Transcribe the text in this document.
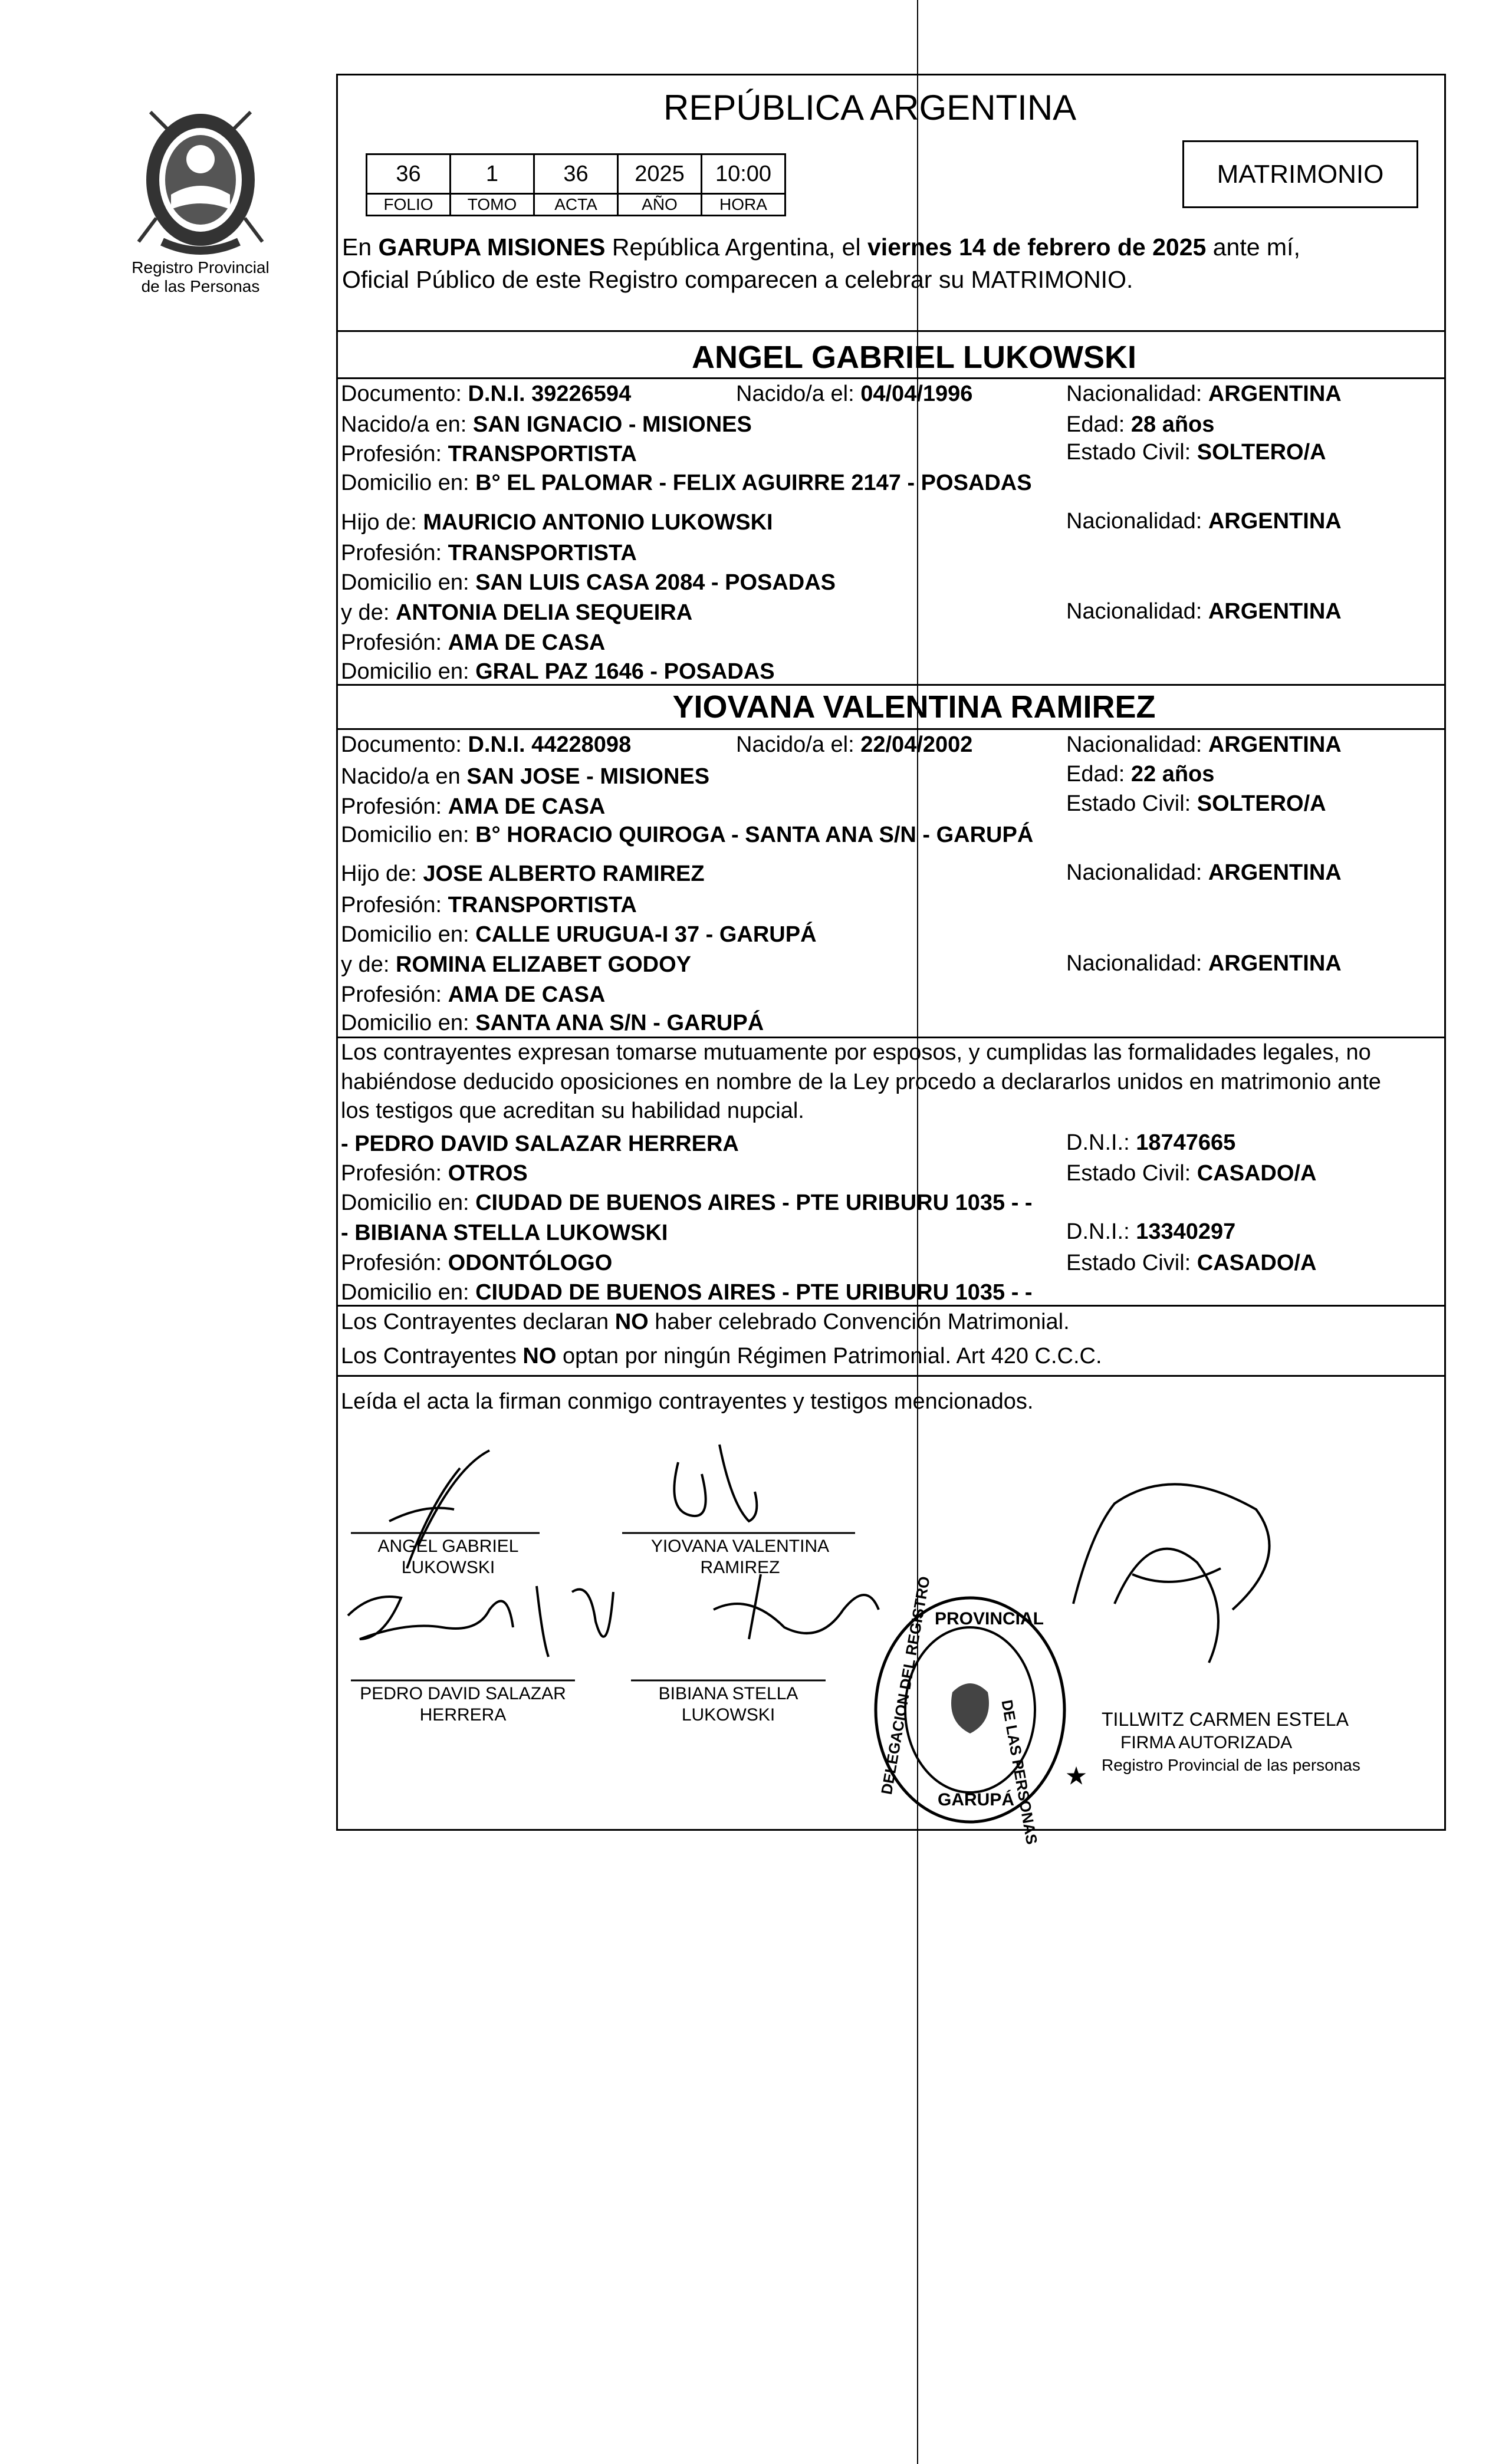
Registro Provincial
de las Personas
REPÚBLICA ARGENTINA
36	1	36	2025	10:00
FOLIO	TOMO	ACTA	AÑO	HORA
MATRIMONIO
En GARUPA MISIONES República Argentina, el viernes 14 de febrero de 2025 ante mí,
Oficial Público de este Registro comparecen a celebrar su MATRIMONIO.
ANGEL GABRIEL LUKOWSKI
Documento: D.N.I. 39226594	Nacido/a el: 04/04/1996	Nacionalidad: ARGENTINA
Nacido/a en: SAN IGNACIO - MISIONES	Edad: 28 años
Profesión: TRANSPORTISTA	Estado Civil: SOLTERO/A
Domicilio en: B° EL PALOMAR - FELIX AGUIRRE 2147 - POSADAS
Hijo de: MAURICIO ANTONIO LUKOWSKI	Nacionalidad: ARGENTINA
Profesión: TRANSPORTISTA
Domicilio en: SAN LUIS CASA 2084 - POSADAS
y de: ANTONIA DELIA SEQUEIRA	Nacionalidad: ARGENTINA
Profesión: AMA DE CASA
Domicilio en: GRAL PAZ 1646 - POSADAS
YIOVANA VALENTINA RAMIREZ
Documento: D.N.I. 44228098	Nacido/a el: 22/04/2002	Nacionalidad: ARGENTINA
Nacido/a en SAN JOSE - MISIONES	Edad: 22 años
Profesión: AMA DE CASA	Estado Civil: SOLTERO/A
Domicilio en: B° HORACIO QUIROGA - SANTA ANA S/N - GARUPÁ
Hijo de: JOSE ALBERTO RAMIREZ	Nacionalidad: ARGENTINA
Profesión: TRANSPORTISTA
Domicilio en: CALLE URUGUA-I 37 - GARUPÁ
y de: ROMINA ELIZABET GODOY	Nacionalidad: ARGENTINA
Profesión: AMA DE CASA
Domicilio en: SANTA ANA S/N - GARUPÁ
Los contrayentes expresan tomarse mutuamente por esposos, y cumplidas las formalidades legales, no
habiéndose deducido oposiciones en nombre de la Ley procedo a declararlos unidos en matrimonio ante
los testigos que acreditan su habilidad nupcial.
- PEDRO DAVID SALAZAR HERRERA	D.N.I.: 18747665
Profesión: OTROS	Estado Civil: CASADO/A
Domicilio en: CIUDAD DE BUENOS AIRES - PTE URIBURU 1035 - -
- BIBIANA STELLA LUKOWSKI	D.N.I.: 13340297
Profesión: ODONTÓLOGO	Estado Civil: CASADO/A
Domicilio en: CIUDAD DE BUENOS AIRES - PTE URIBURU 1035 - -
Los Contrayentes declaran NO haber celebrado Convención Matrimonial.
Los Contrayentes NO optan por ningún Régimen Patrimonial. Art 420 C.C.C.
Leída el acta la firman conmigo contrayentes y testigos mencionados.
ANGEL GABRIEL
LUKOWSKI
YIOVANA VALENTINA
RAMIREZ
PEDRO DAVID SALAZAR
HERRERA
BIBIANA STELLA
LUKOWSKI	TILLWITZ CARMEN ESTELA
FIRMA AUTORIZADA
Registro Provincial de las personas
★
PROVINCIAL
DE LAS PERSONAS
DELEGACION DEL REGISTRO
GARUPÁ
